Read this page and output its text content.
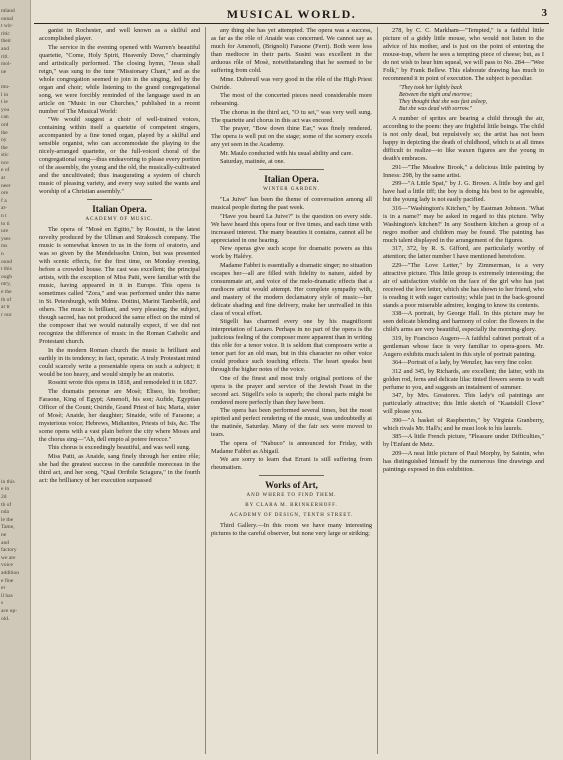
ntland
ounal
t wit-
ritic
their
and
ritl.
mol-
ne
mu-
l in
t ie
you
can
ord
the
ny
the
stic
nce
e of
at
neer
ore
f a
at-
n t
to ti
ure
yses
ms
n
ound
t this
ough
ntry,
e the
th of
ar tr
r our
in this
e in
2d
th of
nda
le the
Tame,
ne
and
factory
we are
voice
addition
e fine
er
ll has
s
ace up-
old.
MUSICAL WORLD.	3

ganist in Rochester, and well known as a skilful and accomplished player.

The service in the evening opened with Warren's beautiful quartette, "Come, Holy Spirit, Heavenly Dove," charmingly and artistically performed. The closing hymn, "Jesus shall reign," was sung to the tune "Missionary Chant," and as the whole congregation seemed to join in the singing, led by the organ and choir; while listening to the grand congregational song, we were forcibly reminded of the language used in an article on "Music in our Churches," published in a recent number of The Musical World:

"We would suggest a choir of well-trained voices, containing within itself a quartette of competent singers, accompanied by a fine toned organ, played by a skilful and sensible organist, who can accommodate the playing to the nicely-arranged quartette, or the full-voiced choral of the congregational song—thus endeavoring to please every portion of the assembly, the young and the old, the musically-cultivated and the uncultivated; thus inaugurating a system of church music of pleasing variety, and every way suited the wants and worship of a Christian assembly."

Italian Opera.
ACADEMY OF MUSIC.

The opera of "Mosè en Egitto," by Rossini, is the latest novelty produced by the Ullman and Strakosch company. The music is somewhat known to us in the form of oratorio, and was so given by the Mendelssohn Union, but was presented with scenic effects, for the first time, on Monday evening, before a crowded house. The cast was excellent; the principal artists, with the exception of Miss Patti, were familiar with the music, having appeared in it in Europe. This opera is sometimes called "Zora," and was performed under this name in St. Petersburgh, with Mdme. Dottini, Marini Tamberlik, and others. The music is brilliant, and very pleasing; the subject, though sacred, has not produced the same effect on the mind of the composer that we would naturally expect, if we did not recognize the difference of music in the Roman Catholic and Protestant church.

In the modern Roman church the music is brilliant and earthly in its tendency; in fact, operatic. A truly Protestant mind could scarcely write a presentable opera on such a subject; it would be too heavy, and would simply be an oratorio.

Rossini wrote this opera in 1818, and remodeled it in 1827.

The dramatis personæ are Mosè; Eliseo, his brother; Faraone, King of Egypt; Amenofi, his son; Aufide, Egyptian Officer of the Count; Osiride, Grand Priest of Isis; Maria, sister of Mosè; Anaide, her daughter; Sinaide, wife of Faraone; a mysterious voice; Hebrews, Midianites, Priests of Isis, &c. The scene opens with a vast plain before the city where Moses and the chorus sing—"Ah, dell empio al potere ferocce."

This chorus is exceedingly beautiful, and was well sung.

Miss Patti, as Anaide, sang finely through her entire rôle; she had the greatest success in the cannibile moreceau in the third act, and her song, "Qual Orribile Sciagura," in the fourth act: the brilliancy of her execution surpassed

any thing she has yet attempted. The opera was a success, as far as the rôle of Anaide was concerned. We cannot say as much for Amenofi, (Brignoli) Faraone (Ferri). Both were less than mediocre in their parts. Susini was excellent in the arduous rôle of Mosè, notwithstanding that he seemed to be suffering from cold.

Mme. Dubreuil was very good in the rôle of the High Priest Osiride.

The most of the concerted pieces need considerable more rehearsing.

The chorus in the third act, "O tu sei," was very well sung. The quartette and chorus in this act was encored.

The prayer, "Bow down thine Ear," was finely rendered. The opera is well put on the stage; some of the scenery excels any yet seen in the Academy.

Mr. Maulo conducted with his usual ability and care.

Saturday, matinée, at one.

Italian Opera.
WINTER GARDEN.

"La Juive" has been the theme of conversation among all musical people during the past week.

"Have you heard La Juive?" is the question on every side. We have heard this opera four or five times, and each time with increased interest. The many beauties it contains, cannot all be appreciated in one hearing.

New operas give such scope for dramatic powers as this work by Halévy.

Madame Fabbri is essentially a dramatic singer; no situation escapes her—all are filled with fidelity to nature, aided by consummate art, and voice of the melo-dramatic effects that a mediocre artist would attempt. Her complete sympathy with, and mastery of the modern declamatory style of music—her delicate shading and fine delivery, make her unrivalled in this class of vocal effort.

Stigelli has charmed every one by his magnificent interpretation of Lazaro. Perhaps in no part of the opera is the judicious feeling of the composer more apparent than in writing this rôle for a tenor voice. It is seldom that composers write a tenor part for an old man, but in this character no other voice could produce such touching effects. The heart speaks best through the higher notes of the voice.

One of the finest and most truly original portions of the opera is the prayer and service of the Jewish Feast in the second act. Stigelli's solo is superb; the choral parts might be rendered more perfectly than they have been.

The opera has been performed several times, but the most spirited and perfect rendering of the music, was undoubtedly at the matinée, Saturday. Many of the fair sex were moved to tears.

The opera of "Nabuco" is announced for Friday, with Madame Fabbri as Abigail.

We are sorry to learn that Errani is still suffering from rheumatism.

Works of Art,
AND WHERE TO FIND THEM.
BY CLARA M. BRINKERHOFF.
ACADEMY OF DESIGN, TENTH STREET.

Third Gallery.—In this room we have many interesting pictures to the careful observer, but none very large or striking;

278, by C. C. Markham—"Tempted," is a faithful little picture of a giddy little mouse, who would not listen to the advice of his mother, and is just on the point of entering the mouse-trap, where he sees a tempting piece of cheese; but, as I do not wish to hear him squeal, we will pass to No. 284—"Wee Folk," by Frank Bellew. This elaborate drawing has much to recommend it in point of execution. The subject is peculiar.

"They took her lightly back
Between the night and morrow;
They thought that she was fast asleep,
But she was dead with sorrow."

A number of sprites are bearing a child through the air, according to the poem: they are frightful little beings. The child is not only dead, but repulsively so; the artist has not been happy in depicting the death of childhood, which is at all times difficult to realize—to like waxen figures are the young in death's embraces.

291—"The Meadow Brook," a delicious little painting by Inness: 298, by the same artist.

299—"A Little Spat," by J. G. Brown. A little boy and girl have had a little tiff; the boy is doing his best to be agreeable, but the young lady is not easily pacified.

316—"Washington's Kitchen," by Eastman Johnson. 'What is in a name?' may be asked in regard to this picture. 'Why Washington's kitchen?' In any Southern kitchen a group of a negro mother and children may be found. The painting has much talent displayed in the arrangement of the figures.

317, 372, by R. S. Gifford, are particularly worthy of attention; the latter number I have mentioned heretofore.

229—"The Love Letter," by Zimmerman, is a very attractive picture. This little group is extremely interesting; the air of satisfaction visible on the face of the girl who has just received the love letter, which she has shown to her friend, who is reading it with eager curiosity; while just in the back-ground stands a poor miserable admirer, longing to know its contents.

338—A portrait, by George Hall. In this picture may be seen delicate blending and harmony of color: the flowers in the child's arms are very beautiful, especially the morning-glory.

319, by Francisco Augero—A faithful cabinet portrait of a gentleman whose face is very familiar to opera-goers. Mr. Augero exhibits much talent in this style of portrait painting.

364—Portrait of a lady, by Wenzler, has very fine color.

312 and 345, by Richards, are excellent; the latter, with its golden rod, ferns and delicate lilac tinted flowers seems to waft perfume to you, and suggests an instalment of summer.

347, by Mrs. Greatorex. This lady's oil paintings are particularly attractive; this little sketch of "Kaatskill Clove" will please you.

390—"A basket of Raspberries," by Virginia Granberry, which rivals Mr. Hall's; and he must look to his laurels.

385—A little French picture, "Pleasure under Difficulties," by l'Enfant de Metz.

209—A neat little picture of Paul Morphy, by Saintin, who has distinguished himself by the numerous fine drawings and paintings exposed in this exhibition.
